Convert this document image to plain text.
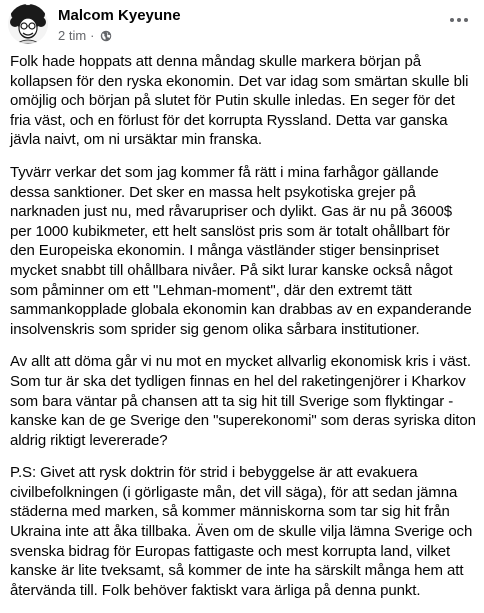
Malcom Kyeyune
2 tim ·

Folk hade hoppats att denna måndag skulle markera början på kollapsen för den ryska ekonomin. Det var idag som smärtan skulle bli omöjlig och början på slutet för Putin skulle inledas. En seger för det fria väst, och en förlust för det korrupta Ryssland. Detta var ganska jävla naivt, om ni ursäktar min franska.

Tyvärr verkar det som jag kommer få rätt i mina farhågor gällande dessa sanktioner. Det sker en massa helt psykotiska grejer på narknaden just nu, med råvarupriser och dylikt. Gas är nu på 3600$ per 1000 kubikmeter, ett helt sanslöst pris som är totalt ohållbart för den Europeiska ekonomin. I många västländer stiger bensinpriset mycket snabbt till ohållbara nivåer. På sikt lurar kanske också något som påminner om ett "Lehman-moment", där den extremt tätt sammankopplade globala ekonomin kan drabbas av en expanderande insolvenskris som sprider sig genom olika sårbara institutioner.

Av allt att döma går vi nu mot en mycket allvarlig ekonomisk kris i väst. Som tur är ska det tydligen finnas en hel del raketingenjörer i Kharkov som bara väntar på chansen att ta sig hit till Sverige som flyktingar - kanske kan de ge Sverige den "superekonomi" som deras syriska diton aldrig riktigt levererade?

P.S: Givet att rysk doktrin för strid i bebyggelse är att evakuera civilbefolkningen (i görligaste mån, det vill säga), för att sedan jämna städerna med marken, så kommer människorna som tar sig hit från Ukraina inte att åka tillbaka. Även om de skulle vilja lämna Sverige och svenska bidrag för Europas fattigaste och mest korrupta land, vilket kanske är lite tveksamt, så kommer de inte ha särskilt många hem att återvända till. Folk behöver faktiskt vara ärliga på denna punkt.
